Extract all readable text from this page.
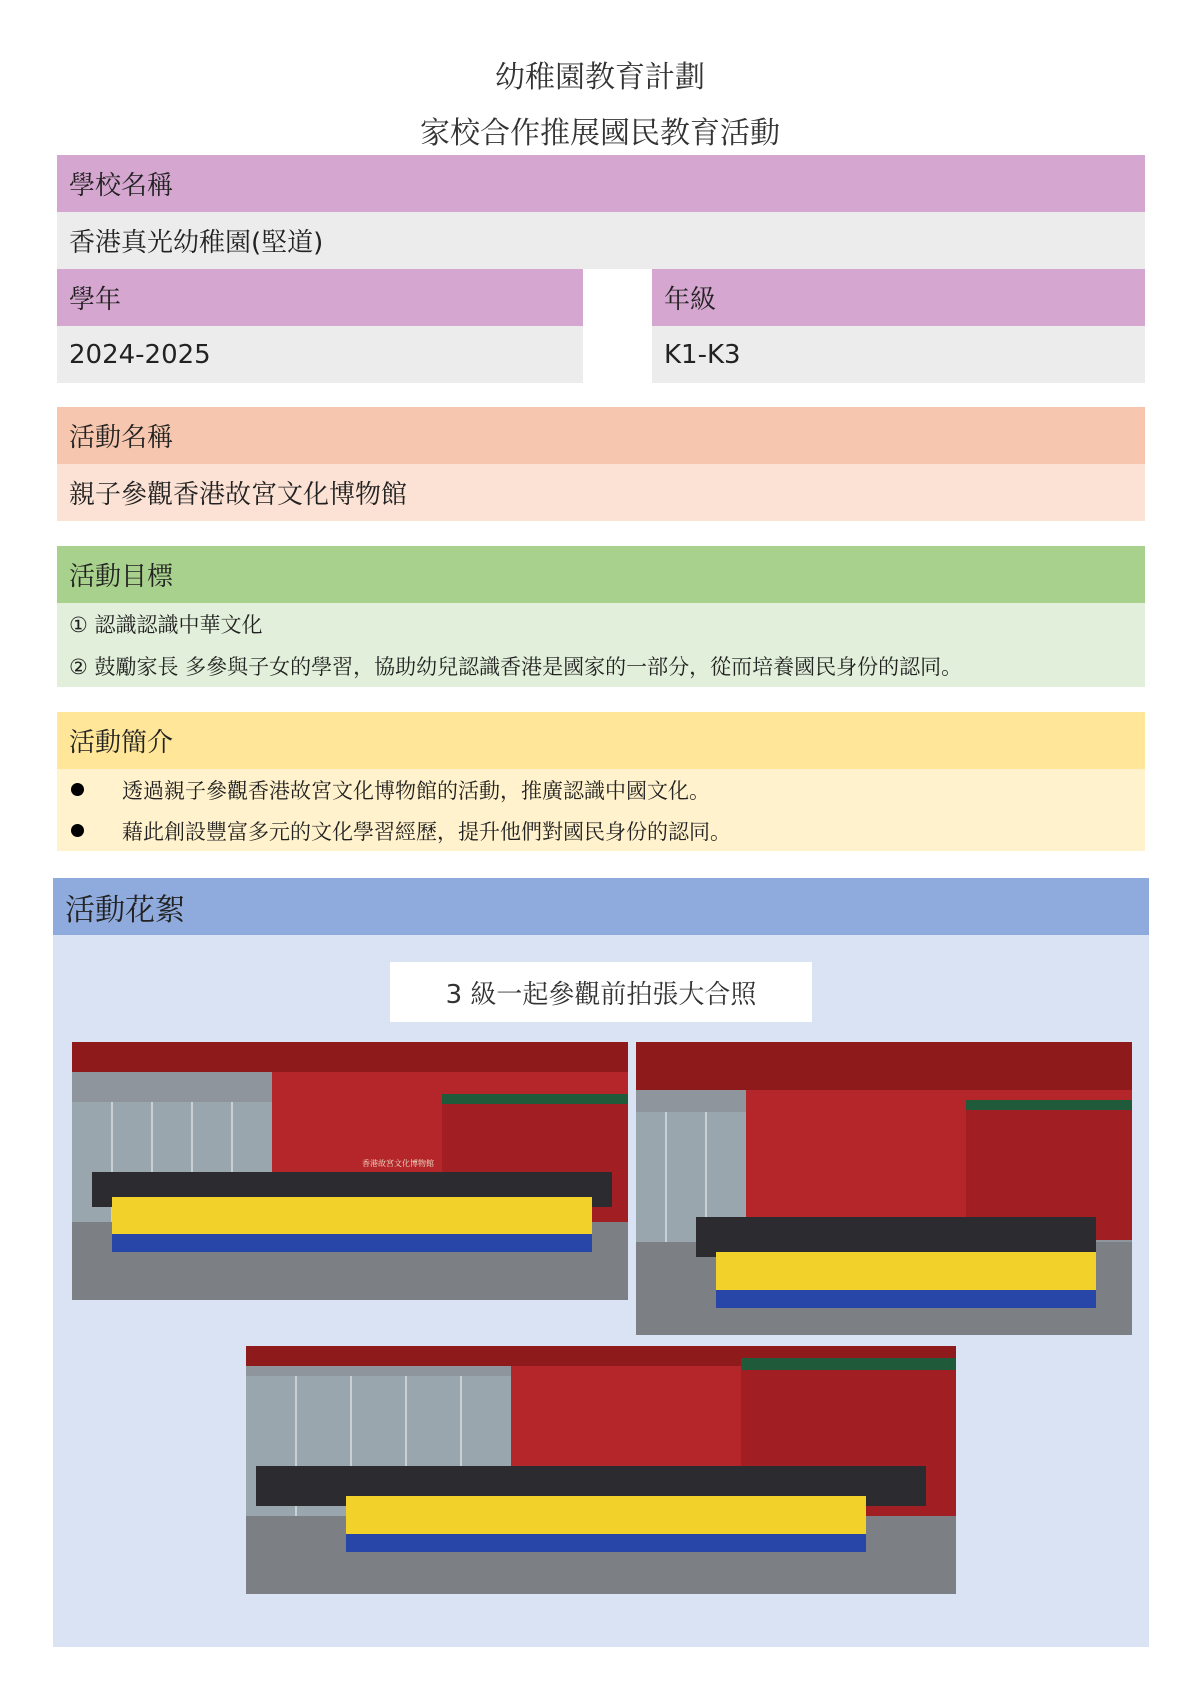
幼稚園教育計劃
家校合作推展國民教育活動
學校名稱
香港真光幼稚園(堅道)
學年	年級
2024-2025	K1-K3
活動名稱
親子參觀香港故宮文化博物館
活動目標
① 認識認識中華文化
② 鼓勵家長 多參與子女的學習，協助幼兒認識香港是國家的一部分，從而培養國民身份的認同。
活動簡介
透過親子參觀香港故宮文化博物館的活動，推廣認識中國文化。
藉此創設豐富多元的文化學習經歷，提升他們對國民身份的認同。
活動花絮
3 級一起參觀前拍張大合照
香港故宮文化博物館
